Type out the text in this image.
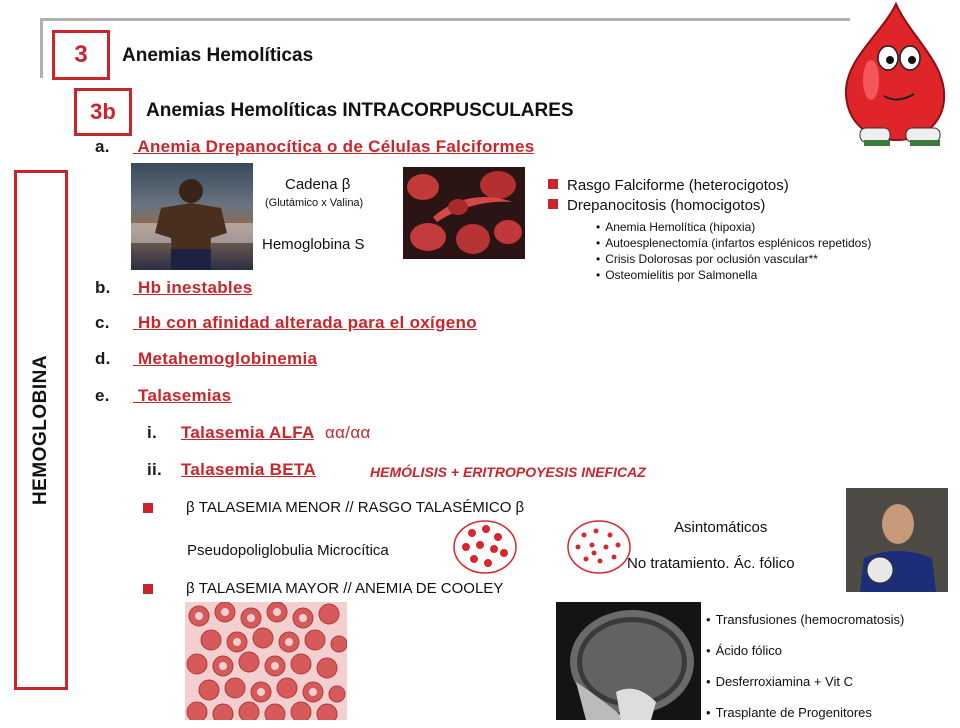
3	Anemias Hemolíticas
3b	Anemias Hemolíticas INTRACORPUSCULARES
HEMOGLOBINA
a. Anemia Drepanocítica o de Células Falciformes
b. Hb inestables
c. Hb con afinidad alterada para el oxígeno
d. Metahemoglobinemia
e. Talasemias
Cadena β
(Glutámico x Valina)
Hemoglobina S
Rasgo Falciforme (heterocigotos)
Drepanocitosis (homocigotos)
• Anemia Hemolítica (hipoxia)
• Autoesplenectomía (infartos esplénicos repetidos)
• Crisis Dolorosas por oclusión vascular**
• Osteomielitis por Salmonella
i. Talasemia ALFA αα/αα
ii. Talasemia BETA	HEMÓLISIS + ERITROPOYESIS INEFICAZ
β TALASEMIA MENOR // RASGO TALASÉMICO β
Pseudopoliglobulia Microcítica
Asintomáticos
No tratamiento. Ác. fólico
β TALASEMIA MAYOR // ANEMIA DE COOLEY
• Transfusiones (hemocromatosis)
• Ácido fólico
• Desferroxiamina + Vit C
• Trasplante de Progenitores
